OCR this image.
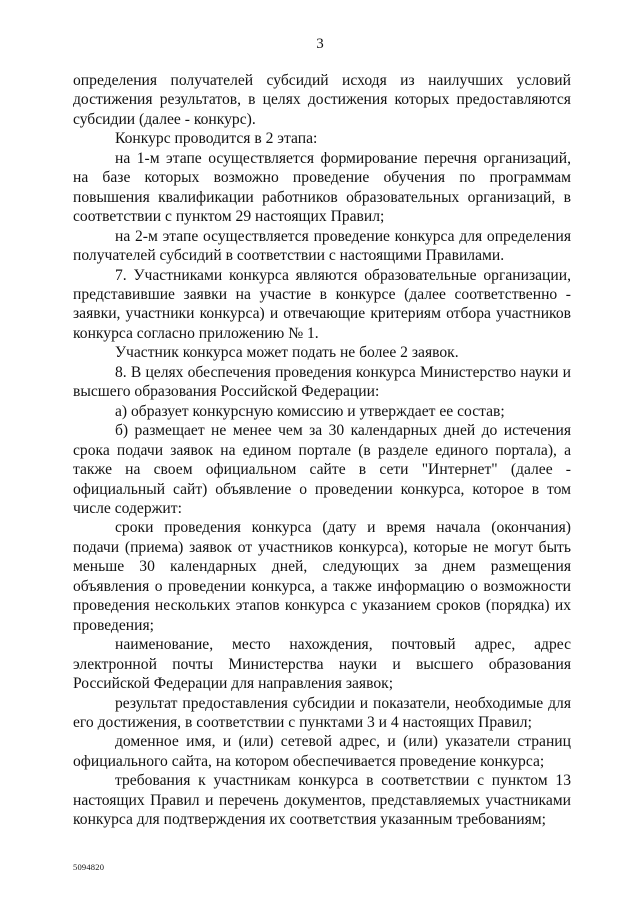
3

определения получателей субсидий исходя из наилучших условий достижения результатов, в целях достижения которых предоставляются субсидии (далее - конкурс).

Конкурс проводится в 2 этапа:

на 1-м этапе осуществляется формирование перечня организаций, на базе которых возможно проведение обучения по программам повышения квалификации работников образовательных организаций, в соответствии с пунктом 29 настоящих Правил;

на 2-м этапе осуществляется проведение конкурса для определения получателей субсидий в соответствии с настоящими Правилами.

7. Участниками конкурса являются образовательные организации, представившие заявки на участие в конкурсе (далее соответственно - заявки, участники конкурса) и отвечающие критериям отбора участников конкурса согласно приложению № 1.

Участник конкурса может подать не более 2 заявок.

8. В целях обеспечения проведения конкурса Министерство науки и высшего образования Российской Федерации:

а) образует конкурсную комиссию и утверждает ее состав;

б) размещает не менее чем за 30 календарных дней до истечения срока подачи заявок на едином портале (в разделе единого портала), а также на своем официальном сайте в сети "Интернет" (далее - официальный сайт) объявление о проведении конкурса, которое в том числе содержит:

сроки проведения конкурса (дату и время начала (окончания) подачи (приема) заявок от участников конкурса), которые не могут быть меньше 30 календарных дней, следующих за днем размещения объявления о проведении конкурса, а также информацию о возможности проведения нескольких этапов конкурса с указанием сроков (порядка) их проведения;

наименование, место нахождения, почтовый адрес, адрес электронной почты Министерства науки и высшего образования Российской Федерации для направления заявок;

результат предоставления субсидии и показатели, необходимые для его достижения, в соответствии с пунктами 3 и 4 настоящих Правил;

доменное имя, и (или) сетевой адрес, и (или) указатели страниц официального сайта, на котором обеспечивается проведение конкурса;

требования к участникам конкурса в соответствии с пунктом 13 настоящих Правил и перечень документов, представляемых участниками конкурса для подтверждения их соответствия указанным требованиям;

5094820
